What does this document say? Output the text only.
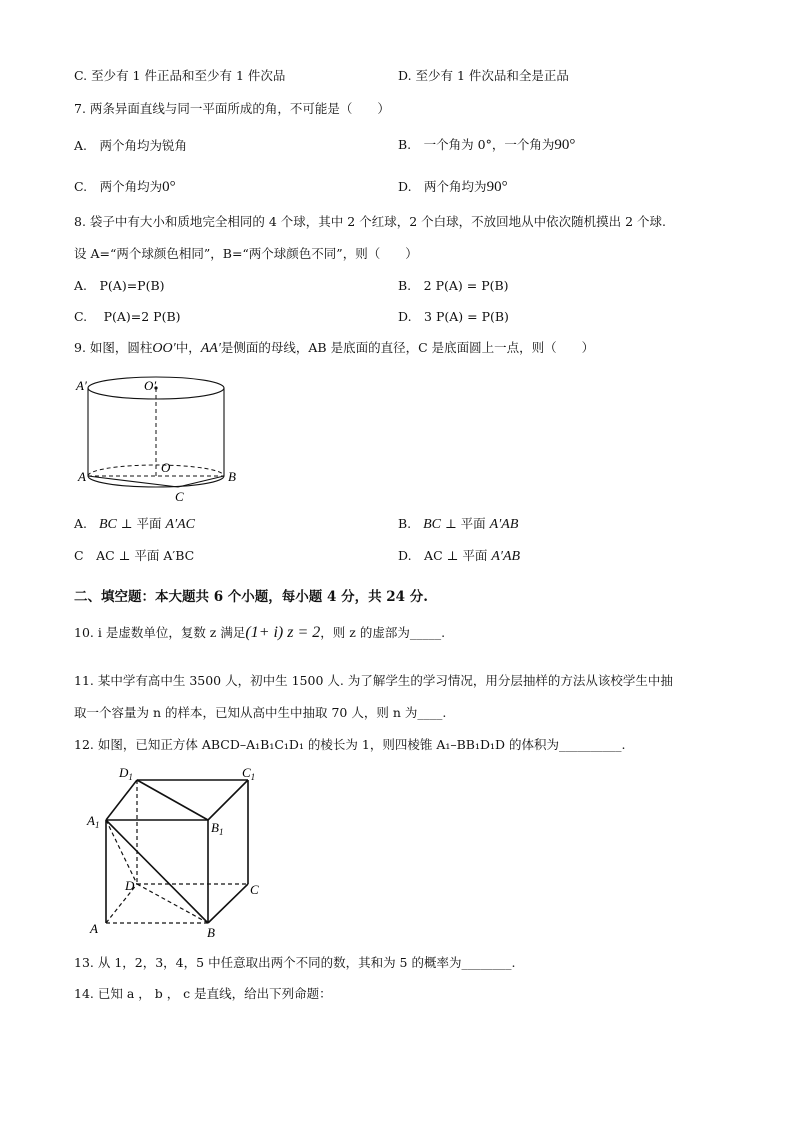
C. 至少有 1 件正品和至少有 1 件次品	D. 至少有 1 件次品和全是正品
7. 两条异面直线与同一平面所成的角，不可能是（　　）
A.　两个角均为锐角	B.　一个角为 0°，一个角为90°
C.　两个角均为0°	D.　两个角均为90°
8. 袋子中有大小和质地完全相同的 4 个球，其中 2 个红球，2 个白球，不放回地从中依次随机摸出 2 个球.
设 A=“两个球颜色相同”，B=“两个球颜色不同”，则（　　）
A.　P(A)=P(B)	B.　2 P(A) = P(B)
C.　 P(A)=2 P(B)	D.　3 P(A) = P(B)
9. 如图，圆柱OO′中，AA′是侧面的母线，AB 是底面的直径，C 是底面圆上一点，则（　　）
A′	O′
O
A	B
C
A. BC ⊥ 平面 A′AC	B. BC ⊥ 平面 A′AB
C　AC ⊥ 平面 A′BC	D.　AC ⊥ 平面 A′AB
二、填空题：本大题共 6 个小题，每小题 4 分，共 24 分.
10. i 是虚数单位，复数 z 满足(1+ i) z = 2，则 z 的虚部为_____.
11. 某中学有高中生 3500 人，初中生 1500 人. 为了解学生的学习情况，用分层抽样的方法从该校学生中抽
取一个容量为 n 的样本，已知从高中生中抽取 70 人，则 n 为____.
12. 如图，已知正方体 ABCD–A₁B₁C₁D₁ 的棱长为 1，则四棱锥 A₁–BB₁D₁D 的体积为__________.
$D_1$	$C_1$
$A_1$	$B_1$
D	C
A	B
13. 从 1，2，3，4，5 中任意取出两个不同的数，其和为 5 的概率为________.
14. 已知 a ， b ， c 是直线，给出下列命题：
